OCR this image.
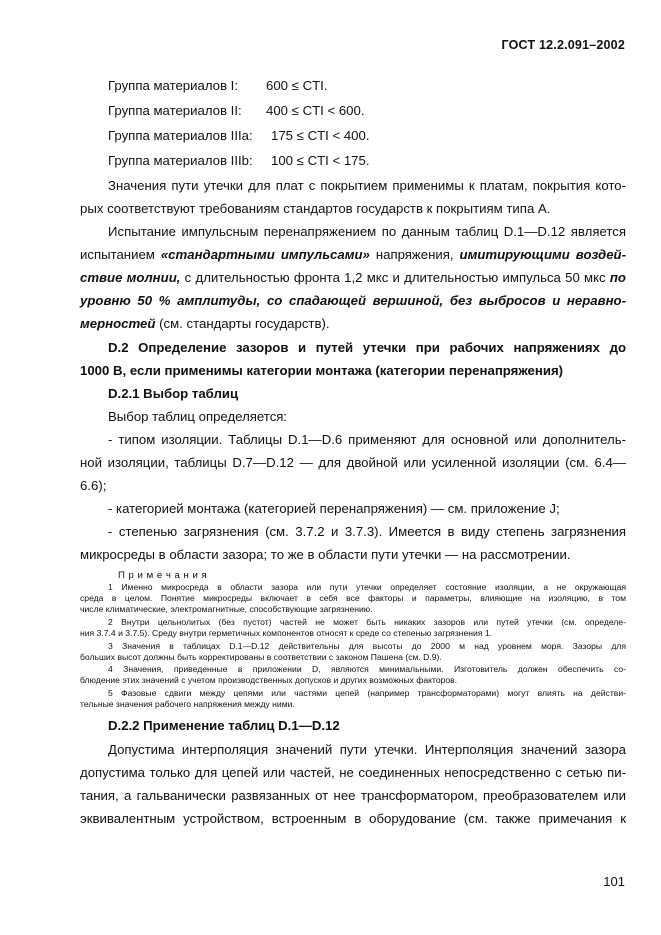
ГОСТ 12.2.091–2002
Группа материалов I: 600 ≤ CTI.
Группа материалов II: 400 ≤ CTI < 600.
Группа материалов IIIa: 175 ≤ CTI < 400.
Группа материалов IIIb: 100 ≤ CTI < 175.
Значения пути утечки для плат с покрытием применимы к платам, покрытия кото-
рых соответствуют требованиям стандартов государств к покрытиям типа А.
Испытание импульсным перенапряжением по данным таблиц D.1—D.12 является
испытанием «стандартными импульсами» напряжения, имитирующими воздей-
ствие молнии, с длительностью фронта 1,2 мкс и длительностью импульса 50 мкс по
уровню 50 % амплитуды, со спадающей вершиной, без выбросов и неравно-
мерностей (см. стандарты государств).
D.2 Определение зазоров и путей утечки при рабочих напряжениях до
1000 В, если применимы категории монтажа (категории перенапряжения)
D.2.1 Выбор таблиц
Выбор таблиц определяется:
- типом изоляции. Таблицы D.1—D.6 применяют для основной или дополнитель-
ной изоляции, таблицы D.7—D.12 — для двойной или усиленной изоляции (см. 6.4—
6.6);
- категорией монтажа (категорией перенапряжения) — см. приложение J;
- степенью загрязнения (см. 3.7.2 и 3.7.3). Имеется в виду степень загрязнения
микросреды в области зазора; то же в области пути утечки — на рассмотрении.
П р и м е ч а н и я
1 Именно микросреда в области зазора или пути утечки определяет состояние изоляции, а не окружающая
среда в целом. Понятие микросреды включает в себя все факторы и параметры, влияющие на изоляцию, в том
числе климатические, электромагнитные, способствующие загрязнению.
2 Внутри цельнолитых (без пустот) частей не может быть никаких зазоров или путей утечки (см. определе-
ния 3.7.4 и 3.7.5). Среду внутри герметичных компонентов относят к среде со степенью загрязнения 1.
3 Значения в таблицах D.1—D.12 действительны для высоты до 2000 м над уровнем моря. Зазоры для
больших высот должны быть корректированы в соответствии с законом Пашена (см. D.9).
4 Значения, приведенные в приложении D, являются минимальными. Изготовитель должен обеспечить со-
блюдение этих значений с учетом производственных допусков и других возможных факторов.
5 Фазовые сдвиги между цепями или частями цепей (например трансформаторами) могут влиять на действи-
тельные значения рабочего напряжения между ними.
D.2.2 Применение таблиц D.1—D.12
Допустима интерполяция значений пути утечки. Интерполяция значений зазора
допустима только для цепей или частей, не соединенных непосредственно с сетью пи-
тания, а гальванически развязанных от нее трансформатором, преобразователем или
эквивалентным устройством, встроенным в оборудование (см. также примечания к
101
